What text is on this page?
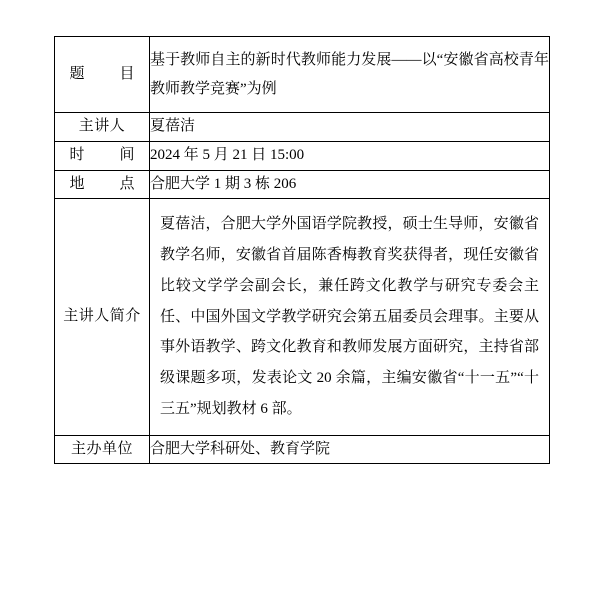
题　目	基于教师自主的新时代教师能力发展——以“安徽省高校青年教师教学竞赛”为例
主讲人	夏蓓洁
时　间	2024 年 5 月 21 日 15:00
地　点	合肥大学 1 期 3 栋 206
主讲人简介	夏蓓洁，合肥大学外国语学院教授，硕士生导师，安徽省教学名师，安徽省首届陈香梅教育奖获得者，现任安徽省比较文学学会副会长，兼任跨文化教学与研究专委会主任、中国外国文学教学研究会第五届委员会理事。主要从事外语教学、跨文化教育和教师发展方面研究，主持省部级课题多项，发表论文 20 余篇，主编安徽省“十一五”“十三五”规划教材 6 部。

主办单位	合肥大学科研处、教育学院
